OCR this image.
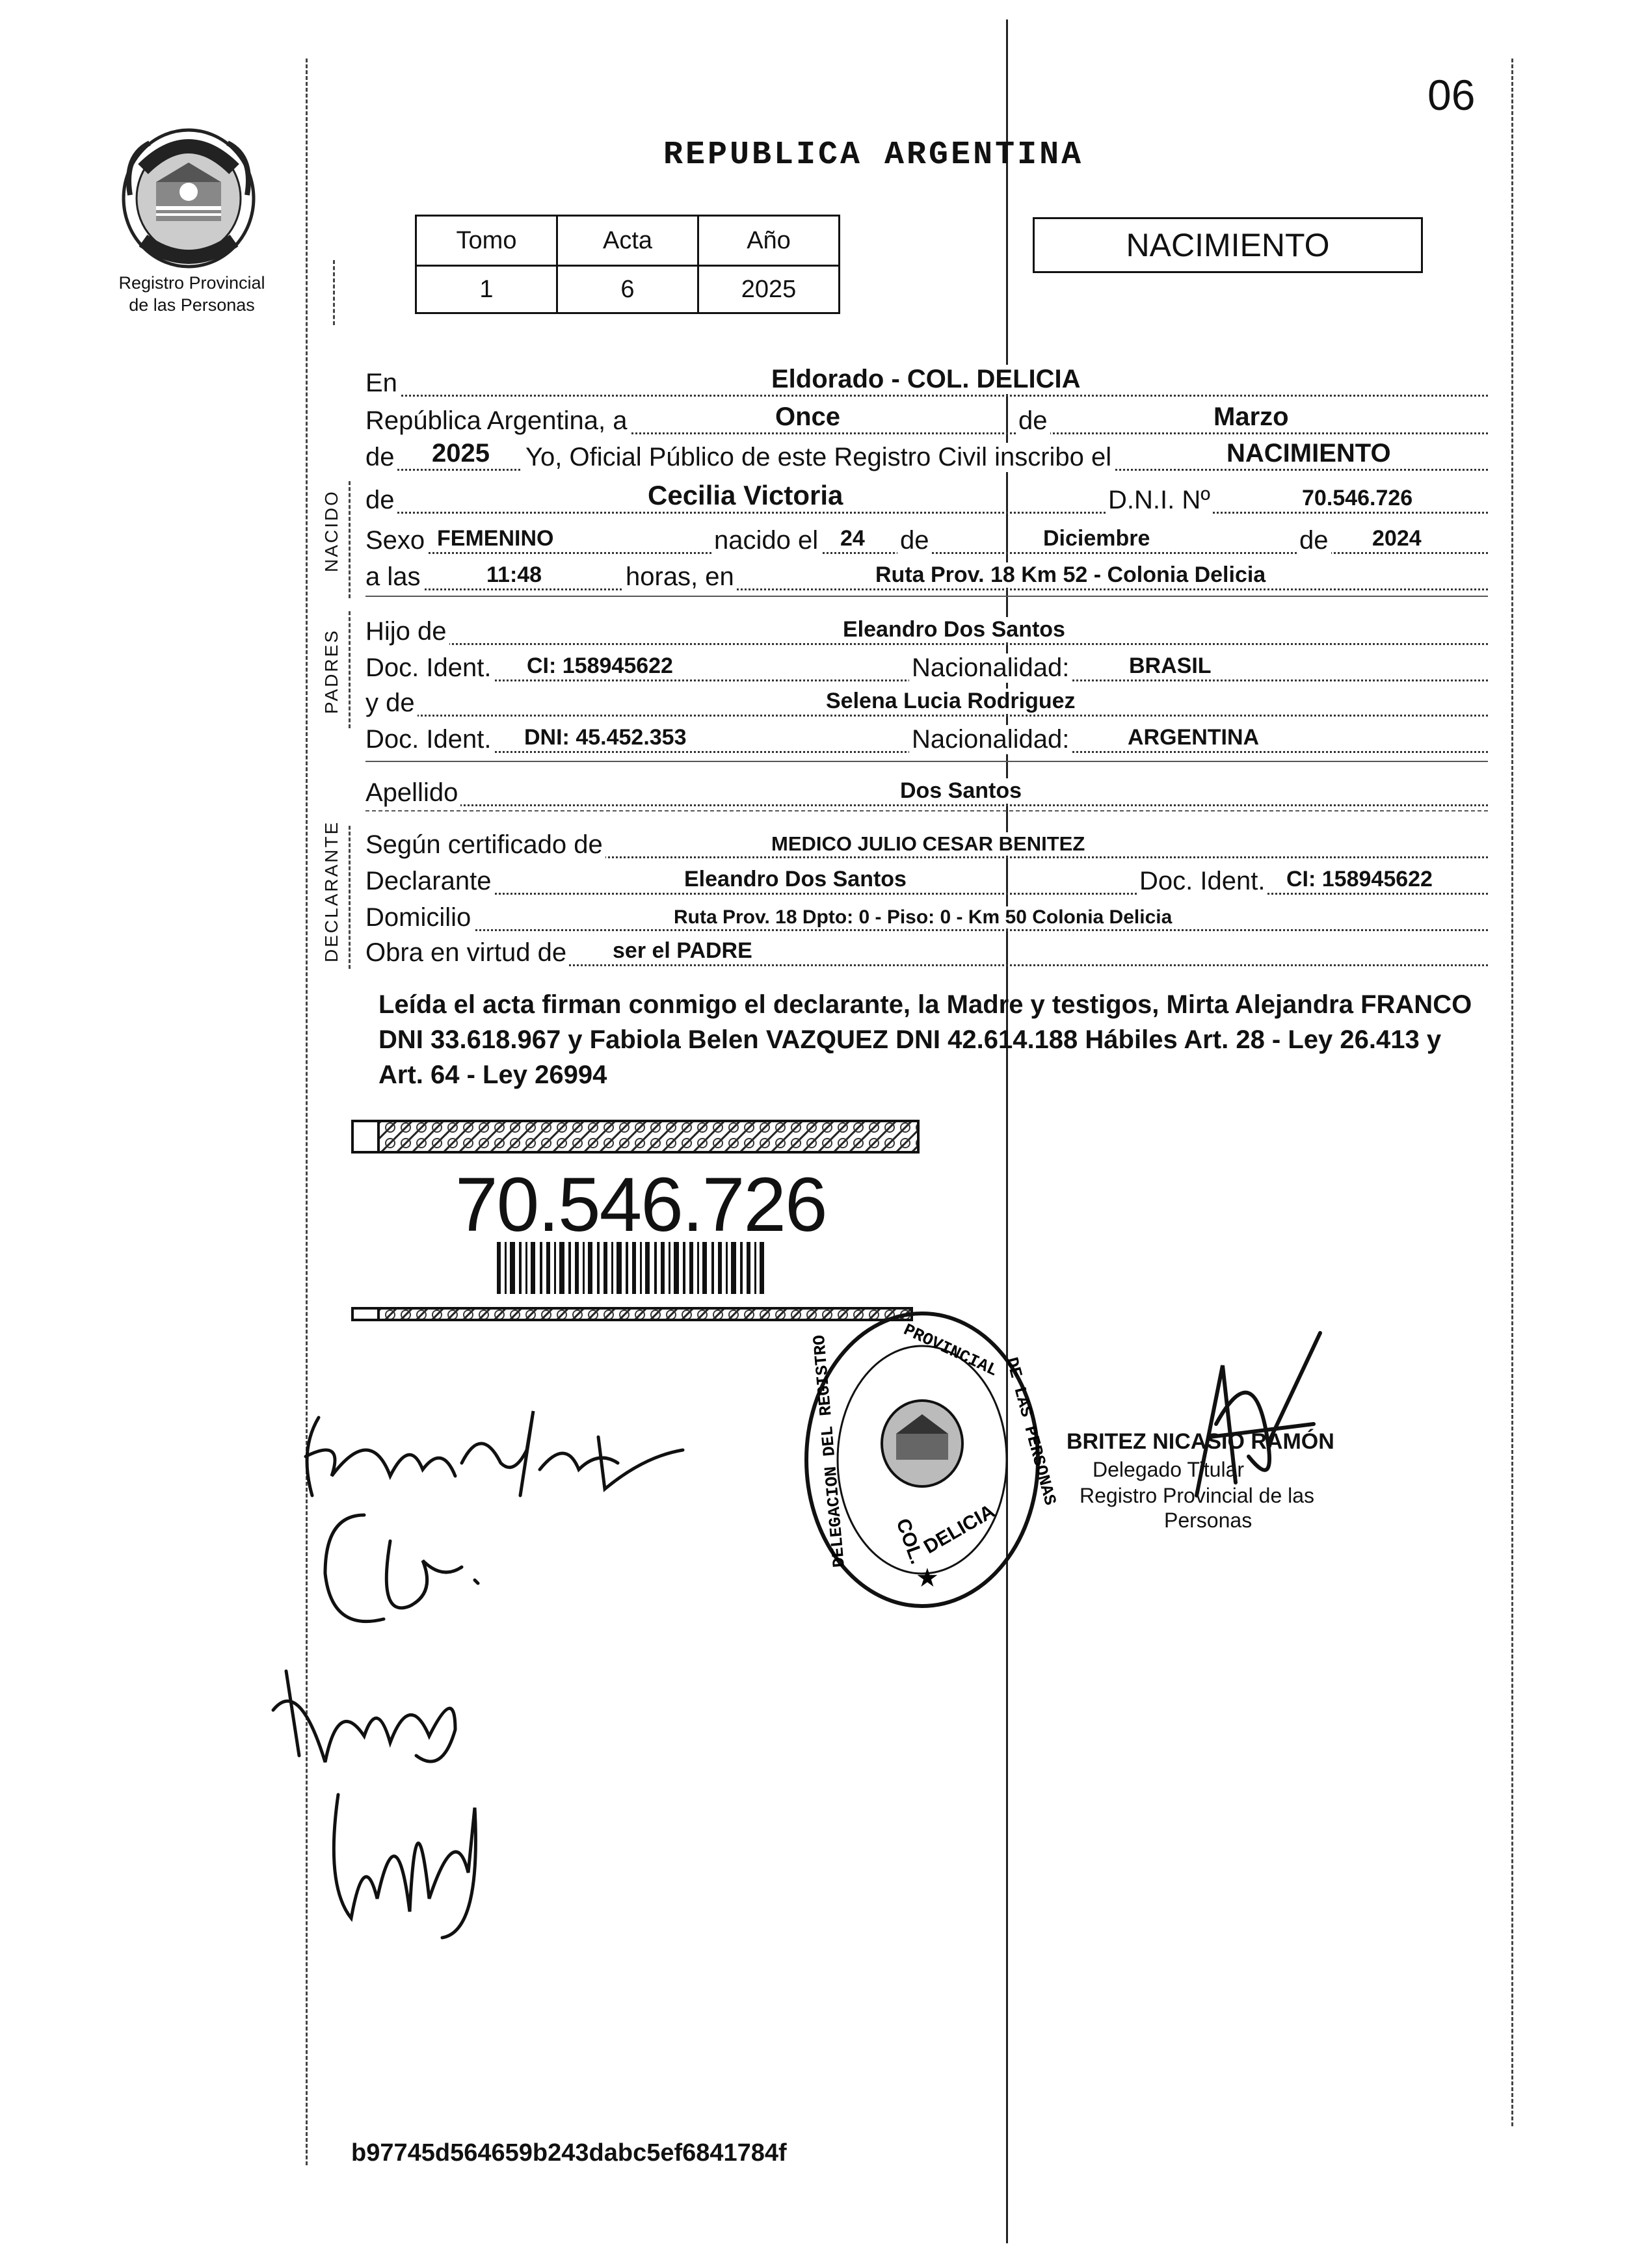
06
Registro Provincial
de las Personas
REPUBLICA ARGENTINA
Tomo	Acta	Año
1	6	2025
NACIMIENTO
En	Eldorado - COL. DELICIA
República Argentina, a	Once	de	Marzo
de 2025 Yo, Oficial Público de este Registro Civil inscribo el	NACIMIENTO
NACIDO de	Cecilia Victoria	D.N.I. Nº	70.546.726
Sexo FEMENINO	nacido el 24 de	Diciembre	de 2024
a las	11:48	horas, en	Ruta Prov. 18 Km 52 - Colonia Delicia
PADRES Hijo de	Eleandro Dos Santos
Doc. Ident. CI: 158945622	Nacionalidad:	BRASIL
y de	Selena Lucia Rodriguez
Doc. Ident. DNI: 45.452.353	Nacionalidad:	ARGENTINA
Apellido	Dos Santos
DECLARANTE Según certificado de	MEDICO JULIO CESAR BENITEZ
Declarante	Eleandro Dos Santos	Doc. Ident. CI: 158945622
Domicilio	Ruta Prov. 18 Dpto: 0 - Piso: 0 - Km 50 Colonia Delicia
Obra en virtud de ser el PADRE
Leída el acta firman conmigo el declarante, la Madre y testigos, Mirta Alejandra FRANCO DNI 33.618.967 y Fabiola Belen VAZQUEZ DNI 42.614.188 Hábiles Art. 28 - Ley 26.413 y Art. 64 - Ley 26994
70.546.726
COL.
DELICIA
★
DELEGACION DEL REGISTRO	DE LAS PERSONAS
PROVINCIAL
BRITEZ NICASIO RAMÓN
Delegado Titular
Registro Provincial de las
Personas
b97745d564659b243dabc5ef6841784f
